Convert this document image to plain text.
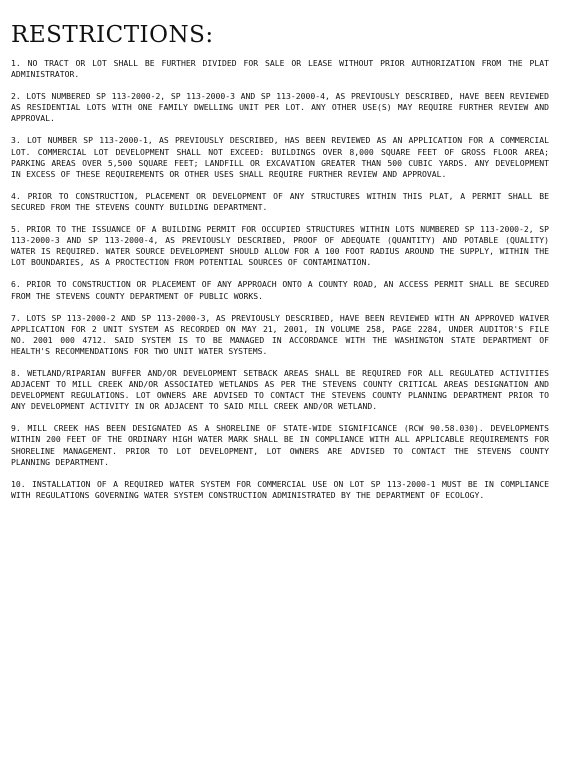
RESTRICTIONS:

1. NO TRACT OR LOT SHALL BE FURTHER DIVIDED FOR SALE OR LEASE WITHOUT PRIOR AUTHORIZATION FROM THE PLAT ADMINISTRATOR.

2. LOTS NUMBERED SP 113-2000-2, SP 113-2000-3 AND SP 113-2000-4, AS PREVIOUSLY DESCRIBED, HAVE BEEN REVIEWED AS RESIDENTIAL LOTS WITH ONE FAMILY DWELLING UNIT PER LOT. ANY OTHER USE(S) MAY REQUIRE FURTHER REVIEW AND APPROVAL.

3. LOT NUMBER SP 113-2000-1, AS PREVIOUSLY DESCRIBED, HAS BEEN REVIEWED AS AN APPLICATION FOR A COMMERCIAL LOT. COMMERCIAL LOT DEVELOPMENT SHALL NOT EXCEED: BUILDINGS OVER 8,000 SQUARE FEET OF GROSS FLOOR AREA; PARKING AREAS OVER 5,500 SQUARE FEET; LANDFILL OR EXCAVATION GREATER THAN 500 CUBIC YARDS. ANY DEVELOPMENT IN EXCESS OF THESE REQUIREMENTS OR OTHER USES SHALL REQUIRE FURTHER REVIEW AND APPROVAL.

4. PRIOR TO CONSTRUCTION, PLACEMENT OR DEVELOPMENT OF ANY STRUCTURES WITHIN THIS PLAT, A PERMIT SHALL BE SECURED FROM THE STEVENS COUNTY BUILDING DEPARTMENT.

5. PRIOR TO THE ISSUANCE OF A BUILDING PERMIT FOR OCCUPIED STRUCTURES WITHIN LOTS NUMBERED SP 113-2000-2, SP 113-2000-3 AND SP 113-2000-4, AS PREVIOUSLY DESCRIBED, PROOF OF ADEQUATE (QUANTITY) AND POTABLE (QUALITY) WATER IS REQUIRED. WATER SOURCE DEVELOPMENT SHOULD ALLOW FOR A 100 FOOT RADIUS AROUND THE SUPPLY, WITHIN THE LOT BOUNDARIES, AS A PROCTECTION FROM POTENTIAL SOURCES OF CONTAMINATION.

6. PRIOR TO CONSTRUCTION OR PLACEMENT OF ANY APPROACH ONTO A COUNTY ROAD, AN ACCESS PERMIT SHALL BE SECURED FROM THE STEVENS COUNTY DEPARTMENT OF PUBLIC WORKS.

7. LOTS SP 113-2000-2 AND SP 113-2000-3, AS PREVIOUSLY DESCRIBED, HAVE BEEN REVIEWED WITH AN APPROVED WAIVER APPLICATION FOR 2 UNIT SYSTEM AS RECORDED ON MAY 21, 2001, IN VOLUME 258, PAGE 2284, UNDER AUDITOR'S FILE NO. 2001 000 4712. SAID SYSTEM IS TO BE MANAGED IN ACCORDANCE WITH THE WASHINGTON STATE DEPARTMENT OF HEALTH'S RECOMMENDATIONS FOR TWO UNIT WATER SYSTEMS.

8. WETLAND/RIPARIAN BUFFER AND/OR DEVELOPMENT SETBACK AREAS SHALL BE REQUIRED FOR ALL REGULATED ACTIVITIES ADJACENT TO MILL CREEK AND/OR ASSOCIATED WETLANDS AS PER THE STEVENS COUNTY CRITICAL AREAS DESIGNATION AND DEVELOPMENT REGULATIONS. LOT OWNERS ARE ADVISED TO CONTACT THE STEVENS COUNTY PLANNING DEPARTMENT PRIOR TO ANY DEVELOPMENT ACTIVITY IN OR ADJACENT TO SAID MILL CREEK AND/OR WETLAND.

9. MILL CREEK HAS BEEN DESIGNATED AS A SHORELINE OF STATE-WIDE SIGNIFICANCE (RCW 90.58.030). DEVELOPMENTS WITHIN 200 FEET OF THE ORDINARY HIGH WATER MARK SHALL BE IN COMPLIANCE WITH ALL APPLICABLE REQUIREMENTS FOR SHORELINE MANAGEMENT. PRIOR TO LOT DEVELOPMENT, LOT OWNERS ARE ADVISED TO CONTACT THE STEVENS COUNTY PLANNING DEPARTMENT.

10. INSTALLATION OF A REQUIRED WATER SYSTEM FOR COMMERCIAL USE ON LOT SP 113-2000-1 MUST BE IN COMPLIANCE WITH REGULATIONS GOVERNING WATER SYSTEM CONSTRUCTION ADMINISTRATED BY THE DEPARTMENT OF ECOLOGY.
